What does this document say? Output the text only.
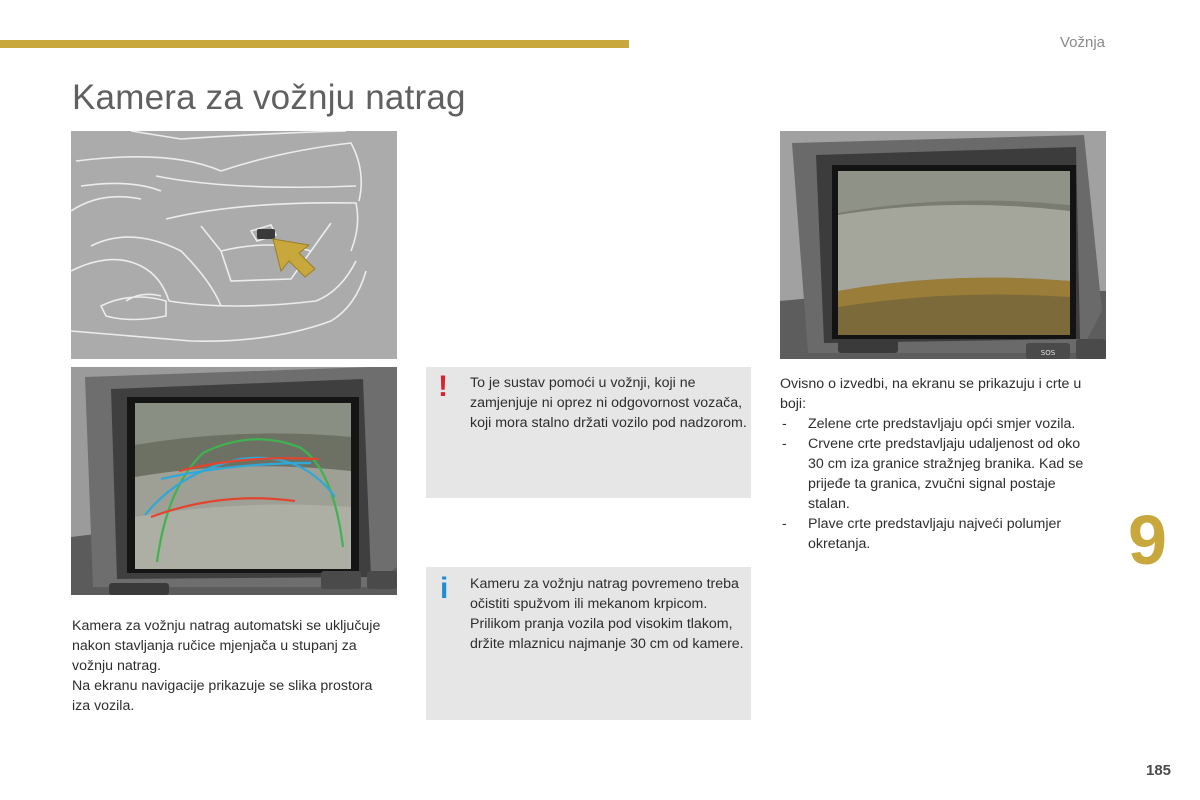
Vožnja
Kamera za vožnju natrag
SOS

Kamera za vožnju natrag automatski se uključuje nakon stavljanja ručice mjenjača u stupanj za vožnju natrag.

Na ekranu navigacije prikazuje se slika prostora iza vozila.

! To je sustav pomoći u vožnji, koji ne zamjenjuje ni oprez ni odgovornost vozača, koji mora stalno držati vozilo pod nadzorom.

i Kameru za vožnju natrag povremeno treba očistiti spužvom ili mekanom krpicom.

Prilikom pranja vozila pod visokim tlakom, držite mlaznicu najmanje 30 cm od kamere.

Ovisno o izvedbi, na ekranu se prikazuju i crte u boji:

- Zelene crte predstavljaju opći smjer vozila.
- Crvene crte predstavljaju udaljenost od oko 30 cm iza granice stražnjeg branika. Kad se prijeđe ta granica, zvučni signal postaje stalan.
- Plave crte predstavljaju najveći polumjer okretanja.	9
185
